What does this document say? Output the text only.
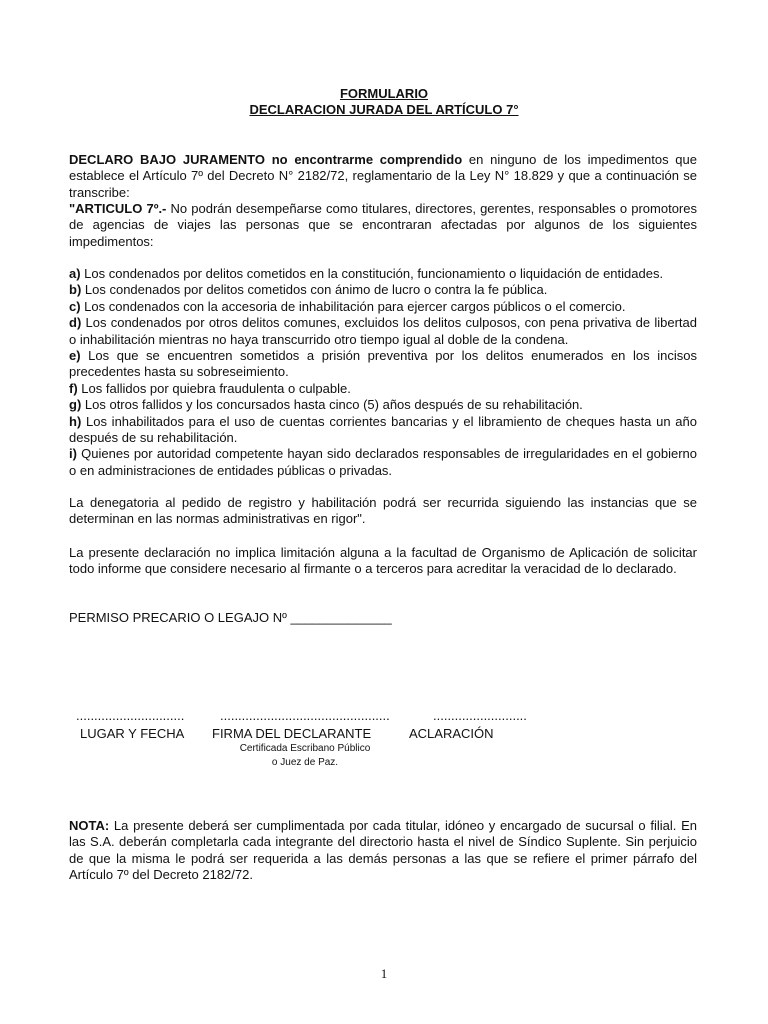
FORMULARIO
DECLARACION JURADA DEL ARTÍCULO 7°
DECLARO BAJO JURAMENTO no encontrarme comprendido en ninguno de los impedimentos que establece el Artículo 7º del Decreto N° 2182/72, reglamentario de la Ley N° 18.829 y que a continuación se transcribe:
"ARTICULO 7º.- No podrán desempeñarse como titulares, directores, gerentes, responsables o promotores de agencias de viajes las personas que se encontraran afectadas por algunos de los siguientes impedimentos:
a) Los condenados por delitos cometidos en la constitución, funcionamiento o liquidación de entidades.
b) Los condenados por delitos cometidos con ánimo de lucro o contra la fe pública.
c) Los condenados con la accesoria de inhabilitación para ejercer cargos públicos o el comercio.
d) Los condenados por otros delitos comunes, excluidos los delitos culposos, con pena privativa de libertad o inhabilitación mientras no haya transcurrido otro tiempo igual al doble de la condena.
e) Los que se encuentren sometidos a prisión preventiva por los delitos enumerados en los incisos precedentes hasta su sobreseimiento.
f) Los fallidos por quiebra fraudulenta o culpable.
g) Los otros fallidos y los concursados hasta cinco (5) años después de su rehabilitación.
h) Los inhabilitados para el uso de cuentas corrientes bancarias y el libramiento de cheques hasta un año después de su rehabilitación.
i) Quienes por autoridad competente hayan sido declarados responsables de irregularidades en el gobierno o en administraciones de entidades públicas o privadas.
La denegatoria al pedido de registro y habilitación podrá ser recurrida siguiendo las instancias que se determinan en las normas administrativas en rigor".
La presente declaración no implica limitación alguna a la facultad de Organismo de Aplicación de solicitar todo informe que considere necesario al firmante o a terceros para acreditar la veracidad de lo declarado.
PERMISO PRECARIO O LEGAJO Nº ______________
..............................
LUGAR Y FECHA
...............................................
FIRMA DEL DECLARANTE
Certificada Escribano Público
o Juez de Paz.
..........................
ACLARACIÓN
NOTA: La presente deberá ser cumplimentada por cada titular, idóneo y encargado de sucursal o filial. En las S.A. deberán completarla cada integrante del directorio hasta el nivel de Síndico Suplente. Sin perjuicio de que la misma le podrá ser requerida a las demás personas a las que se refiere el primer párrafo del Artículo 7º del Decreto 2182/72.
1
